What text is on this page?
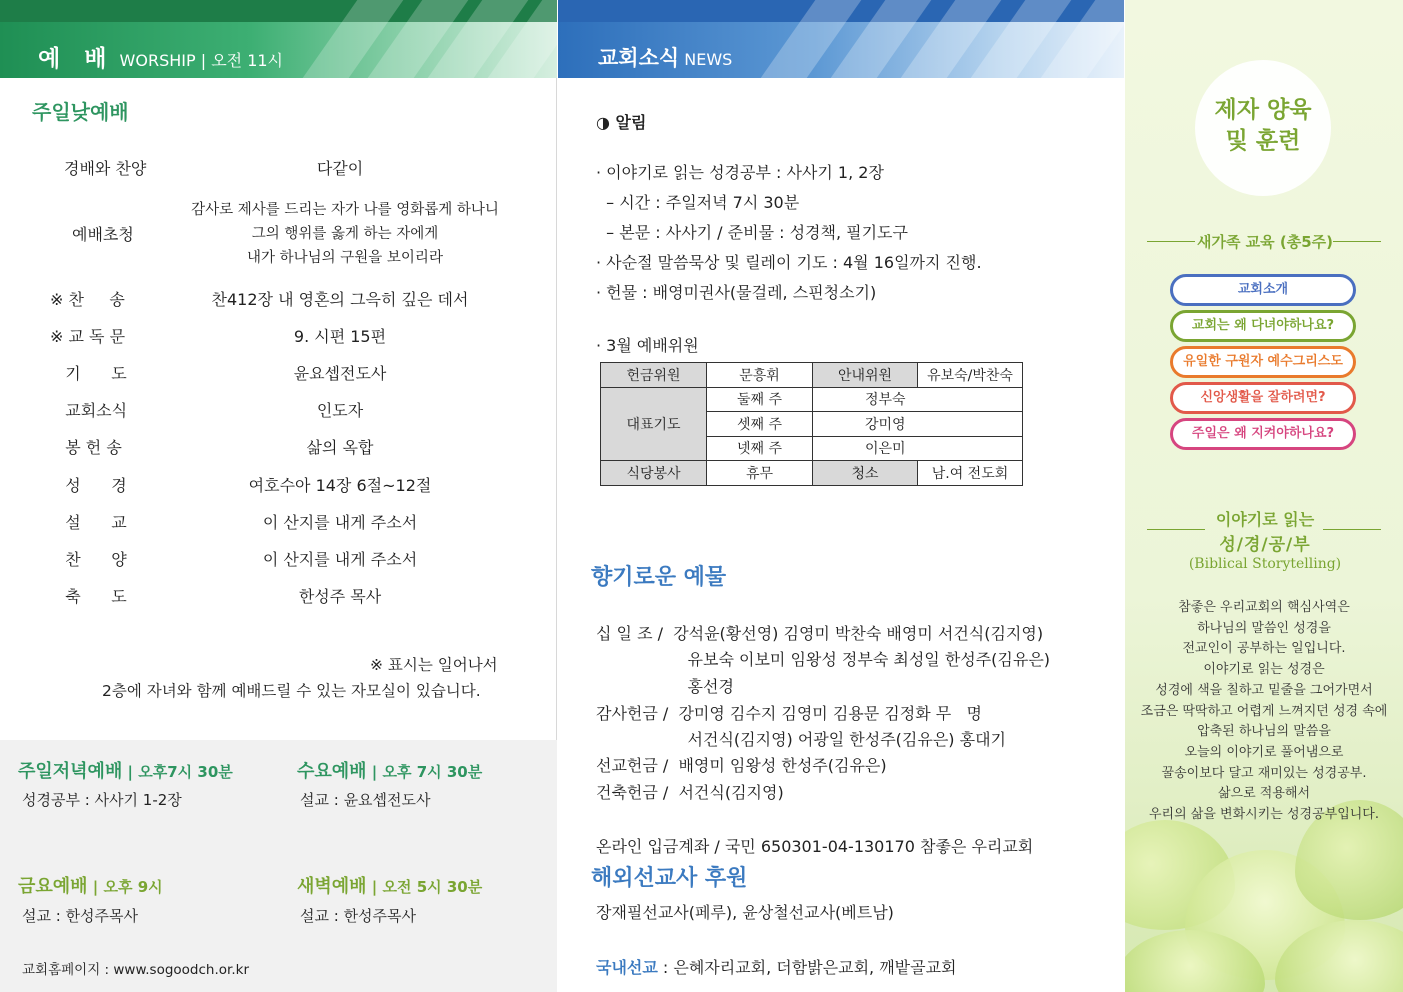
예 배 WORSHIP | 오전 11시
주일낮예배
경배와 찬양	다같이
예배초청
감사로 제사를 드리는 자가 나를 영화롭게 하나니
그의 행위를 옳게 하는 자에게
내가 하나님의 구원을 보이리라
※ 찬     송	찬412장 내 영혼의 그윽히 깊은 데서
※ 교 독 문	9. 시편 15편
기      도	윤요셉전도사
교회소식	인도자
봉 헌 송	삶의 옥합
성      경	여호수아 14장 6절~12절
설      교	이 산지를 내게 주소서
찬      양	이 산지를 내게 주소서
축      도	한성주 목사
※ 표시는 일어나서
2층에 자녀와 함께 예배드릴 수 있는 자모실이 있습니다.
주일저녁예배 | 오후7시 30분
성경공부 : 사사기 1-2장
수요예배 | 오후 7시 30분
설교 : 윤요셉전도사
금요예배 | 오후 9시
설교 : 한성주목사
새벽예배 | 오전 5시 30분
설교 : 한성주목사
교회홈페이지 : www.sogoodch.or.kr
교회소식 NEWS
◑ 알림
· 이야기로 읽는 성경공부 : 사사기 1, 2장
– 시간 : 주일저녁 7시 30분
– 본문 : 사사기 / 준비물 : 성경책, 필기도구
· 사순절 말씀묵상 및 릴레이 기도 : 4월 16일까지 진행.
· 헌물 : 배영미권사(물걸레, 스핀청소기)
· 3월 예배위원
헌금위원	문흥휘	안내위원	유보숙/박찬숙
대표기도	둘째 주	정부숙	
	셋째 주	강미영	
	넷째 주	이은미	
식당봉사	휴무	청소	남.여 전도회
향기로운 예물
십 일 조 /  강석윤(황선영) 김영미 박찬숙 배영미 서건식(김지영)
유보숙 이보미 임왕성 정부숙 최성일 한성주(김유은)
홍선경
감사헌금 /  강미영 김수지 김영미 김용문 김정화 무   명
서건식(김지영) 어광일 한성주(김유은) 홍대기
선교헌금 /  배영미 임왕성 한성주(김유은)
건축헌금 /  서건식(김지영)
온라인 입금계좌 / 국민 650301-04-130170 참좋은 우리교회
해외선교사 후원
장재필선교사(페루), 윤상철선교사(베트남)
국내선교 : 은혜자리교회, 더함밝은교회, 깨밭골교회
제자 양육
및 훈련
새가족 교육 (총5주)
교회소개
교회는 왜 다녀야하나요?
유일한 구원자 예수그리스도
신앙생활을 잘하려면?
주일은 왜 지켜야하나요?
이야기로 읽는
성/경/공/부
(Biblical Storytelling)
참좋은 우리교회의 핵심사역은
하나님의 말씀인 성경을
전교인이 공부하는 일입니다.
이야기로 읽는 성경은
성경에 색을 칠하고 밑줄을 그어가면서
조금은 딱딱하고 어렵게 느껴지던 성경 속에
압축된 하나님의 말씀을
오늘의 이야기로 풀어냄으로
꿀송이보다 달고 재미있는 성경공부.
삶으로 적용해서
우리의 삶을 변화시키는 성경공부입니다.
